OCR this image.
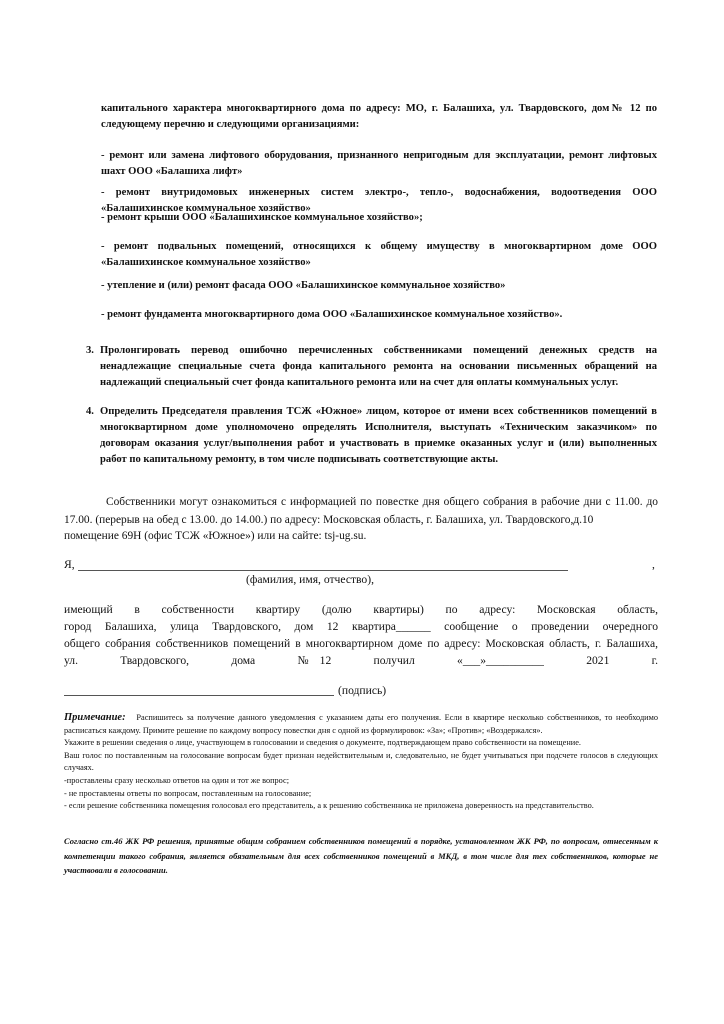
капитального характера многоквартирного дома по адресу: МО, г. Балашиха, ул. Твардовского, дом№ 12 по следующему перечню и следующими организациями:
- ремонт или замена лифтового оборудования, признанного непригодным для эксплуатации, ремонт лифтовых шахт ООО «Балашиха лифт»
- ремонт внутридомовых инженерных систем электро-, тепло-, водоснабжения, водоотведения ООО «Балашихинское коммунальное хозяйство»
- ремонт крыши ООО «Балашихинское коммунальное хозяйство»;
- ремонт подвальных помещений, относящихся к общему имуществу в многоквартирном доме ООО «Балашихинское коммунальное хозяйство»
- утепление и (или) ремонт фасада ООО «Балашихинское коммунальное хозяйство»
- ремонт фундамента многоквартирного дома ООО «Балашихинское коммунальное хозяйство».
3. Пролонгировать перевод ошибочно перечисленных собственниками помещений денежных средств на ненадлежащие специальные счета фонда капитального ремонта на основании письменных обращений на надлежащий специальный счет фонда капитального ремонта или на счет для оплаты коммунальных услуг.
4. Определить Председателя правления ТСЖ «Южное» лицом, которое от имени всех собственников помещений в многоквартирном доме уполномочено определять Исполнителя, выступать «Техническим заказчиком» по договорам оказания услуг/выполнения работ и участвовать в приемке оказанных услуг и (или) выполненных работ по капитальному ремонту, в том числе подписывать соответствующие акты.
Собственники могут ознакомиться с информацией по повестке дня общего собрания в рабочие дни с 11.00. до 17.00. (перерыв на обед с 13.00. до 14.00.) по адресу: Московская область, г. Балашиха, ул. Твардовского,д.10
помещение 69Н (офис ТСЖ «Южное») или на сайте: tsj-ug.su.
Я,	,
(фамилия, имя, отчество),
имеющий в собственности квартиру (долю квартиры) по адресу: Московская область,
город Балашиха, улица Твардовского, дом 12 квартира______ сообщение о проведении очередного
общего собрания собственников помещений в многоквартирном доме по адресу: Московская область, г. Балашиха,
ул.   Твардовского,   дома   №12   получил   «___»__________   2021   г.
(подпись)
Примечание: Распишитесь за получение данного уведомления с указанием даты его получения. Если в квартире несколько собственников, то необходимо расписаться каждому. Примите решение по каждому вопросу повестки дня с одной из формулировок: «За»; «Против»; «Воздержался».
Укажите в решении сведения о лице, участвующем в голосовании и сведения о документе, подтверждающем право собственности на помещение.
Ваш голос по поставленным на голосование вопросам будет признан недействительным и, следовательно, не будет учитываться при подсчете голосов в следующих случаях.
-проставлены сразу несколько ответов на один и тот же вопрос;
- не проставлены ответы по вопросам, поставленным на голосование;
- если решение собственника помещения голосовал его представитель, а к решению собственника не приложена доверенность на представительство.
Согласно ст.46 ЖК РФ решения, принятые общим собранием собственников помещений в порядке, установленном ЖК РФ, по вопросам, отнесенным к компетенции такого собрания, является обязательным для всех собственников помещений в МКД, в том числе для тех собственников, которые не участвовали в голосовании.
